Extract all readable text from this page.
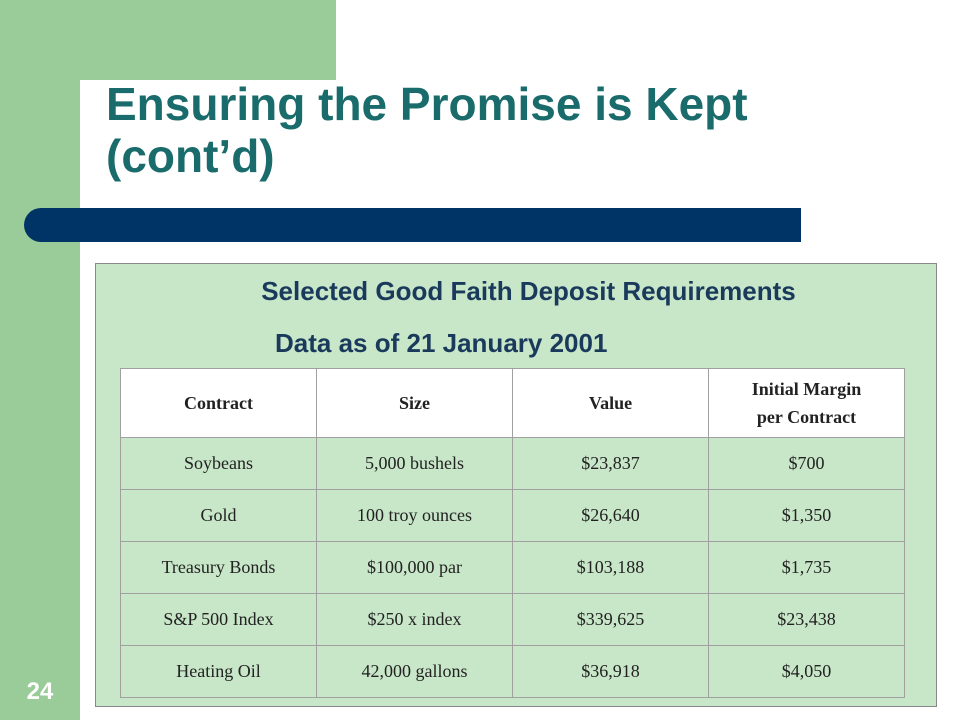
Ensuring the Promise is Kept
(cont’d)

Selected Good Faith Deposit Requirements

Data as of 21 January 2001

Contract	Size	Value	Initial Margin
per Contract
Soybeans	5,000 bushels	$23,837	$700
Gold	100 troy ounces	$26,640	$1,350
Treasury Bonds	$100,000 par	$103,188	$1,735
S&P 500 Index	$250 x index	$339,625	$23,438
Heating Oil	42,000 gallons	$36,918	$4,050

24
